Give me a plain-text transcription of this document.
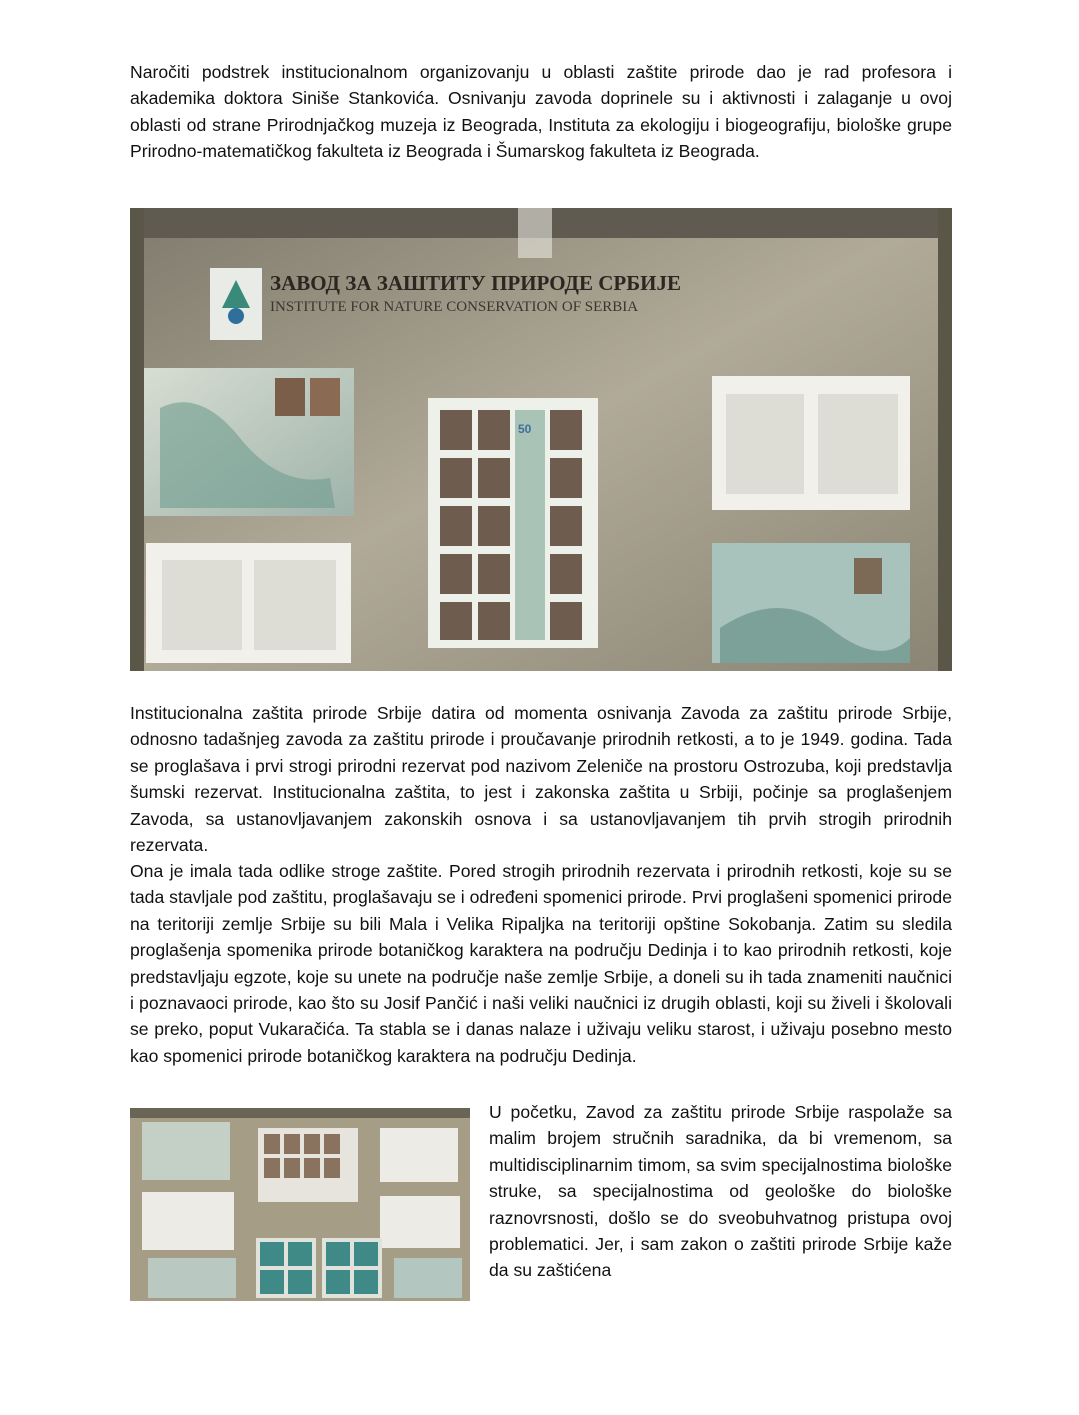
Naročiti podstrek institucionalnom organizovanju u oblasti zaštite prirode dao je rad profesora i akademika doktora Siniše Stankovića. Osnivanju zavoda doprinele su i aktivnosti i zalaganje u ovoj oblasti od strane Prirodnjačkog muzeja iz Beograda, Instituta za ekologiju i biogeografiju, biološke grupe Prirodno-matematičkog fakulteta iz Beograda i Šumarskog fakulteta iz Beograda.

ЗАВОД ЗА ЗАШТИТУ ПРИРОДЕ СРБИЈЕ
INSTITUTE FOR NATURE CONSERVATION OF SERBIA
50

Institucionalna zaštita prirode Srbije datira od momenta osnivanja Zavoda za zaštitu prirode Srbije, odnosno tadašnjeg zavoda za zaštitu prirode i proučavanje prirodnih retkosti, a to je 1949. godina. Tada se proglašava i prvi strogi prirodni rezervat pod nazivom Zeleniče na prostoru Ostrozuba, koji predstavlja šumski rezervat. Institucionalna zaštita, to jest i zakonska zaštita u Srbiji, počinje sa proglašenjem Zavoda, sa ustanovljavanjem zakonskih osnova i sa ustanovljavanjem tih prvih strogih prirodnih rezervata.

Ona je imala tada odlike stroge zaštite. Pored strogih prirodnih rezervata i prirodnih retkosti, koje su se tada stavljale pod zaštitu, proglašavaju se i određeni spomenici prirode. Prvi proglašeni spomenici prirode na teritoriji zemlje Srbije su bili Mala i Velika Ripaljka na teritoriji opštine Sokobanja. Zatim su sledila proglašenja spomenika prirode botaničkog karaktera na području Dedinja i to kao prirodnih retkosti, koje predstavljaju egzote, koje su unete na područje naše zemlje Srbije, a doneli su ih tada znameniti naučnici i poznavaoci prirode, kao što su Josif Pančić i naši veliki naučnici iz drugih oblasti, koji su živeli i školovali se preko, poput Vukaračića. Ta stabla se i danas nalaze i uživaju veliku starost, i uživaju posebno mesto kao spomenici prirode botaničkog karaktera na području Dedinja.

U početku, Zavod za zaštitu prirode Srbije raspolaže sa malim brojem stručnih saradnika, da bi vremenom, sa multidisciplinarnim timom, sa svim specijalnostima biološke struke, sa specijalnostima od geološke do biološke raznovrsnosti, došlo se do sveobuhvatnog pristupa ovoj problematici. Jer, i sam zakon o zaštiti prirode Srbije kaže da su zaštićena
